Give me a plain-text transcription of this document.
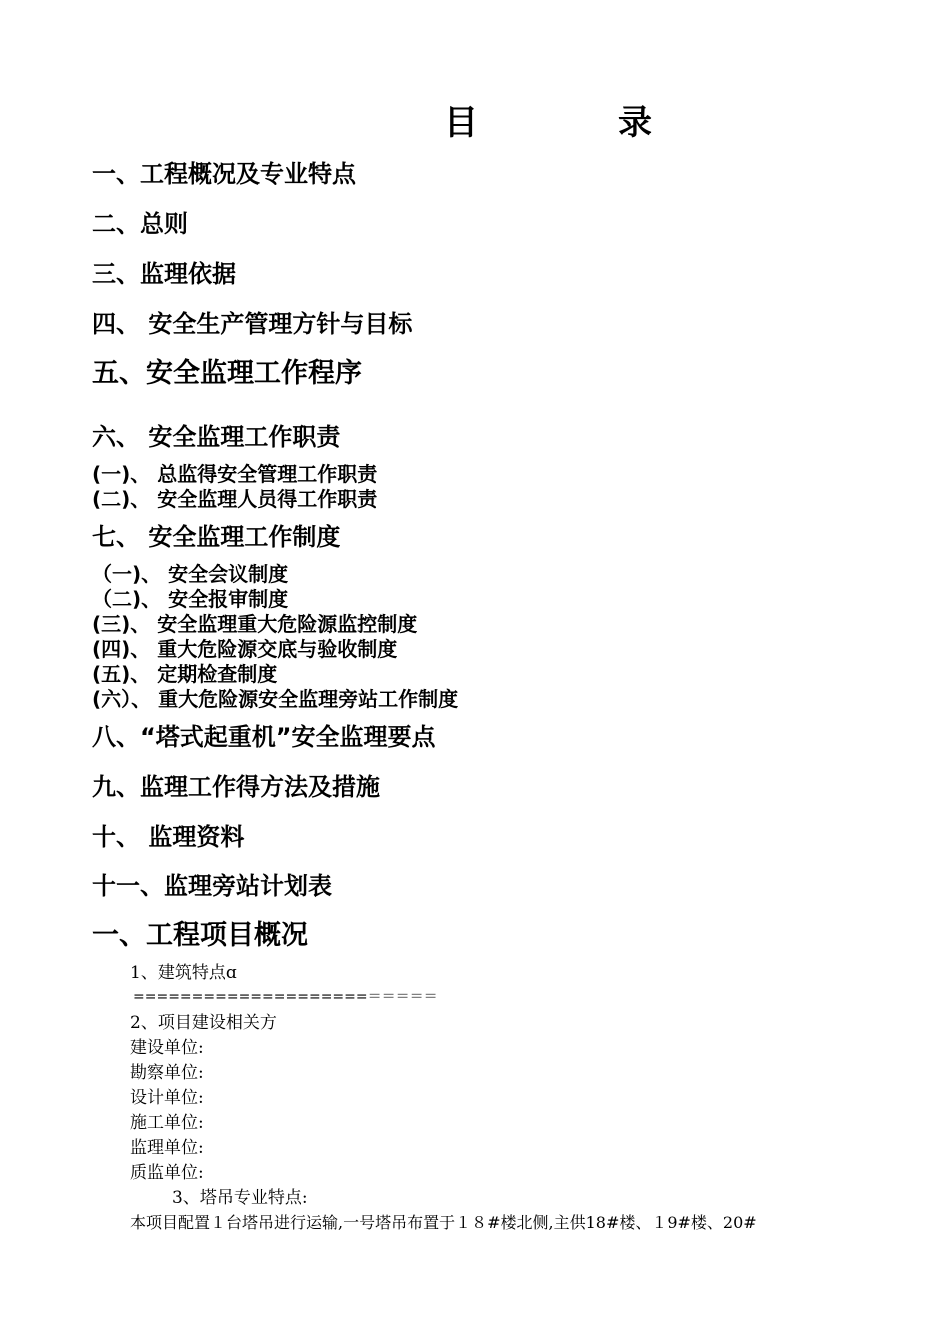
目	录
一、工程概况及专业特点
二、总则
三、监理依据
四、 安全生产管理方针与目标
五、安全监理工作程序
六、 安全监理工作职责
(一)、 总监得安全管理工作职责
(二)、 安全监理人员得工作职责
七、 安全监理工作制度
（一)、 安全会议制度
（二)、 安全报审制度
(三)、 安全监理重大危险源监控制度
(四)、 重大危险源交底与验收制度
(五)、 定期检查制度
(六）、 重大危险源安全监理旁站工作制度
八、“塔式起重机”安全监理要点
九、监理工作得方法及措施
十、 监理资料
十一、监理旁站计划表
一、工程项目概况
1、建筑特点ɑ
====================＝＝＝＝＝
2、项目建设相关方
建设单位:
勘察单位:
设计单位:
施工单位:
监理单位:
质监单位:
3、塔吊专业特点:
本项目配置１台塔吊进行运输,一号塔吊布置于１８#楼北侧,主供18#楼、１9#楼、20#
